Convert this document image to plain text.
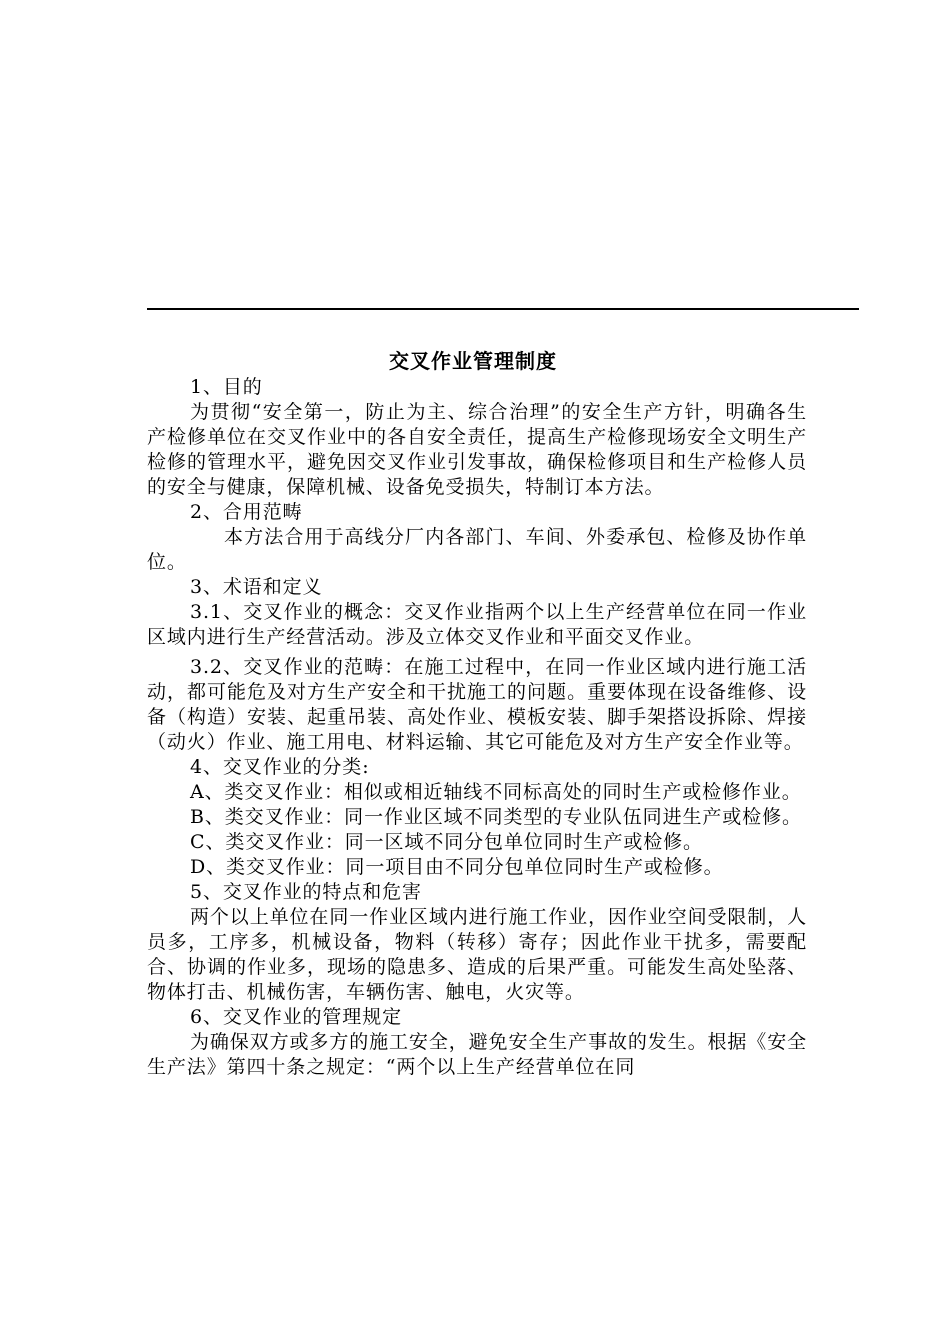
交叉作业管理制度

1、目的

为贯彻“安全第一，防止为主、综合治理”的安全生产方针，明确各生产检修单位在交叉作业中的各自安全责任，提高生产检修现场安全文明生产检修的管理水平，避免因交叉作业引发事故，确保检修项目和生产检修人员的安全与健康，保障机械、设备免受损失，特制订本方法。

2、合用范畴

本方法合用于高线分厂内各部门、车间、外委承包、检修及协作单位。

3、术语和定义

3.1、交叉作业的概念：交叉作业指两个以上生产经营单位在同一作业区域内进行生产经营活动。涉及立体交叉作业和平面交叉作业。

3.2、交叉作业的范畴：在施工过程中，在同一作业区域内进行施工活动，都可能危及对方生产安全和干扰施工的问题。重要体现在设备维修、设备（构造）安装、起重吊装、高处作业、模板安装、脚手架搭设拆除、焊接（动火）作业、施工用电、材料运输、其它可能危及对方生产安全作业等。

4、交叉作业的分类:

A、类交叉作业：相似或相近轴线不同标高处的同时生产或检修作业。

B、类交叉作业：同一作业区域不同类型的专业队伍同进生产或检修。

C、类交叉作业：同一区域不同分包单位同时生产或检修。

D、类交叉作业：同一项目由不同分包单位同时生产或检修。

5、交叉作业的特点和危害

两个以上单位在同一作业区域内进行施工作业，因作业空间受限制，人员多，工序多，机械设备，物料（转移）寄存；因此作业干扰多，需要配合、协调的作业多，现场的隐患多、造成的后果严重。可能发生高处坠落、物体打击、机械伤害，车辆伤害、触电，火灾等。

6、交叉作业的管理规定

为确保双方或多方的施工安全，避免安全生产事故的发生。根据《安全生产法》第四十条之规定：“两个以上生产经营单位在同
